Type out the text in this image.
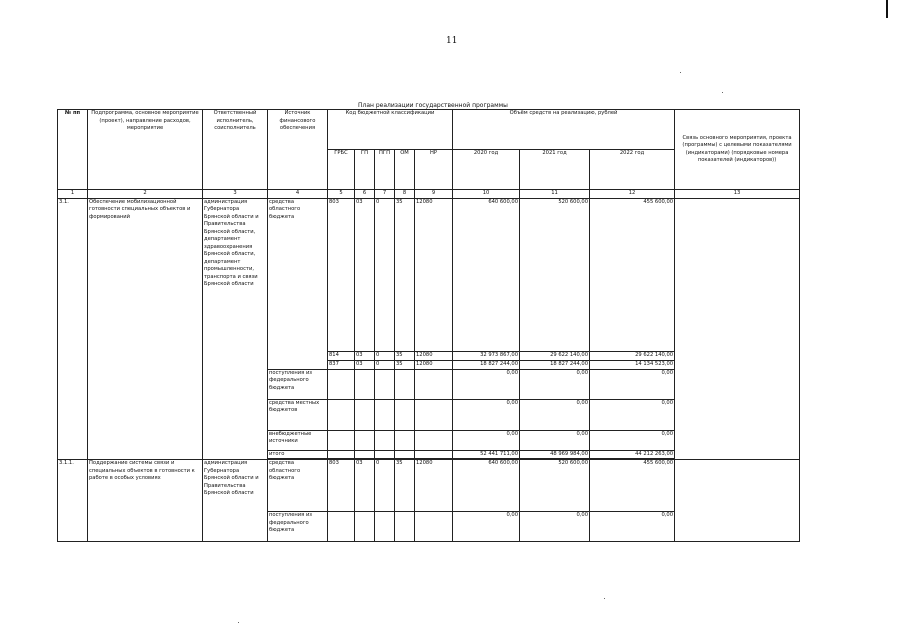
11
План реализации государственной программы
№ пп	Подпрограмма, основное мероприятие (проект), направление расходов, мероприятие	Ответственный исполнитель, соисполнитель	Источник финансового обеспечения	Код бюджетной классификации					Объём средств на реализацию, рублей			Связь основного мероприятия, проекта (программы) с целевыми показателями (индикаторами) (порядковые номера показателей (индикаторов))
				ГРБС	ГП	ПГП	ОМ	НР	2020 год	2021 год	2022 год	
1	2	3	4	5	6	7	8	9	10	11	12	13
3.1.	Обеспечение мобилизационной готовности специальных объектов и формирований	администрация Губернатора Брянской области и Правительства Брянской области, департамент здравоохранения Брянской области, департамент промышленности, транспорта и связи Брянской области	средства областного бюджета	803	03	0	35	12080	640 600,00	520 600,00	455 600,00	
				814	03	0	35	12080	32 973 867,00	29 622 140,00	29 622 140,00	
				837	03	0	35	12080	18 827 244,00	18 827 244,00	14 134 523,00	
			поступления из федерального бюджета						0,00	0,00	0,00	
			средства местных бюджетов						0,00	0,00	0,00	
			внебюджетные источники						0,00	0,00	0,00	
			итого						52 441 711,00	48 969 984,00	44 212 263,00	

3.1.1.	Поддержание системы связи и специальных объектов в готовности к работе в особых условиях	администрация Губернатора Брянской области и Правительства Брянской области	средства областного бюджета	803	03	0	35	12080	640 600,00	520 600,00	455 600,00	
			поступления из федерального бюджета						0,00	0,00	0,00	
